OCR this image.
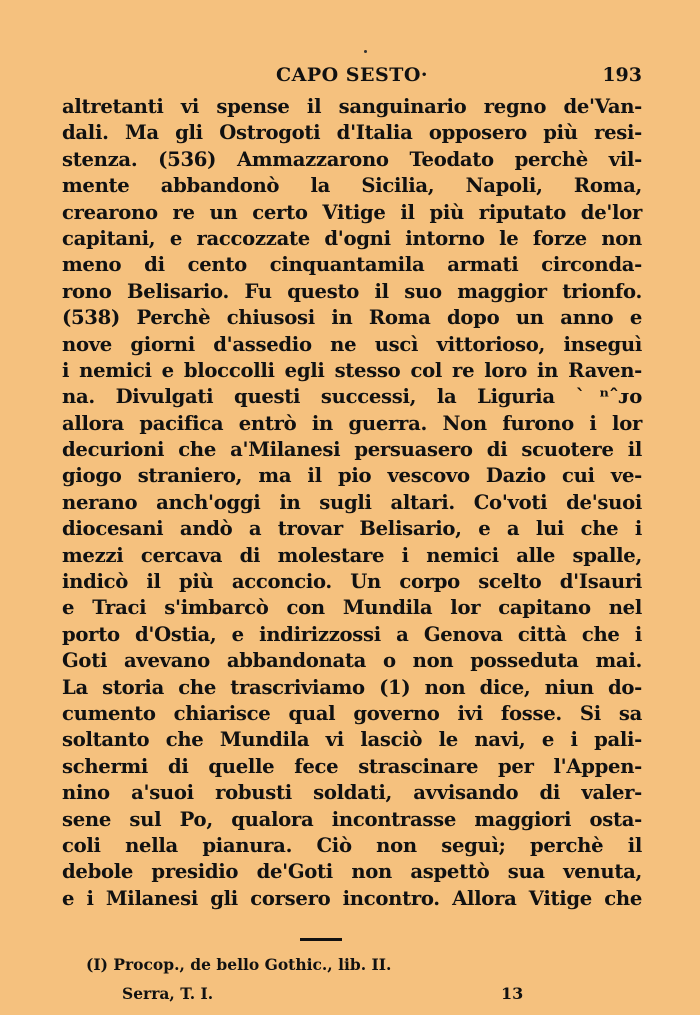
CAPO SESTO·	193
altretanti vi spense il sanguinario regno de'Van-
dali. Ma gli Ostrogoti d'Italia opposero più resi-
stenza. (536) Ammazzarono Teodato perchè vil-
mente abbandonò la Sicilia, Napoli, Roma,
crearono re un certo Vitige il più riputato de'lor
capitani, e raccozzate d'ogni intorno le forze non
meno di cento cinquantamila armati circonda-
rono Belisario. Fu questo il suo maggior trionfo.
(538) Perchè chiusosi in Roma dopo un anno e
nove giorni d'assedio ne uscì vittorioso, inseguì
i nemici e bloccolli egli stesso col re loro in Raven-
na. Divulgati questi successi, la Liguria ˋⁿˆᴊo
allora pacifica entrò in guerra. Non furono i lor
decurioni che a'Milanesi persuasero di scuotere il
giogo straniero, ma il pio vescovo Dazio cui ve-
nerano anch'oggi in sugli altari. Co'voti de'suoi
diocesani andò a trovar Belisario, e a lui che i
mezzi cercava di molestare i nemici alle spalle,
indicò il più acconcio. Un corpo scelto d'Isauri
e Traci s'imbarcò con Mundila lor capitano nel
porto d'Ostia, e indirizzossi a Genova città che i
Goti avevano abbandonata o non posseduta mai.
La storia che trascriviamo (1) non dice, niun do-
cumento chiarisce qual governo ivi fosse. Si sa
soltanto che Mundila vi lasciò le navi, e i pali-
schermi di quelle fece strascinare per l'Appen-
nino a'suoi robusti soldati, avvisando di valer-
sene sul Po, qualora incontrasse maggiori osta-
coli nella pianura. Ciò non seguì; perchè il
debole presidio de'Goti non aspettò sua venuta,
e i Milanesi gli corsero incontro. Allora Vitige che
(I) Procop., de bello Gothic., lib. II.
Serra, T. I.	13
